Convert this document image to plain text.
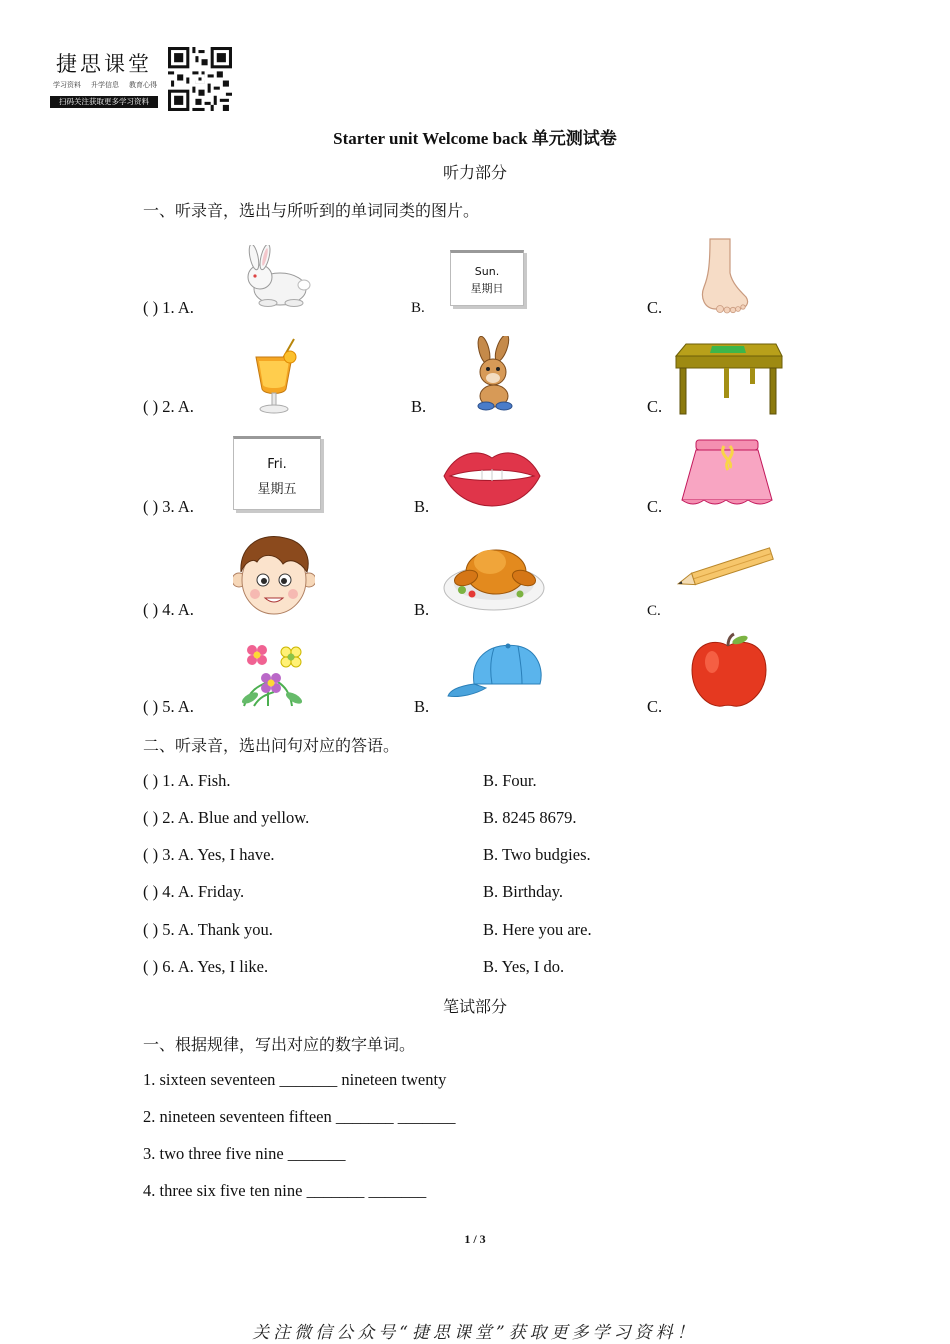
捷思课堂
学习资料 升学信息 教育心得
扫码关注获取更多学习资料
Starter unit Welcome back 单元测试卷
听力部分
一、听录音，选出与所听到的单词同类的图片。
( ) 1. A.	B.	C.
Sun.
星期日
( ) 2. A.	B.	C.
( ) 3. A.	B.	C.
Fri.
星期五
( ) 4. A.	B.	C.
( ) 5. A.	B.	C.
二、听录音，选出问句对应的答语。
( ) 1. A. Fish.	B. Four.
( ) 2. A. Blue and yellow.	B. 8245 8679.
( ) 3. A. Yes, I have.	B. Two budgies.
( ) 4. A. Friday.	B. Birthday.
( ) 5. A. Thank you.	B. Here you are.
( ) 6. A. Yes, I like.	B. Yes, I do.
笔试部分
一、根据规律，写出对应的数字单词。
1. sixteen seventeen _______ nineteen twenty
2. nineteen seventeen fifteen _______ _______
3. two three five nine _______
4. three six five ten nine _______ _______
1 / 3
关注微信公众号“捷思课堂”获取更多学习资料！
